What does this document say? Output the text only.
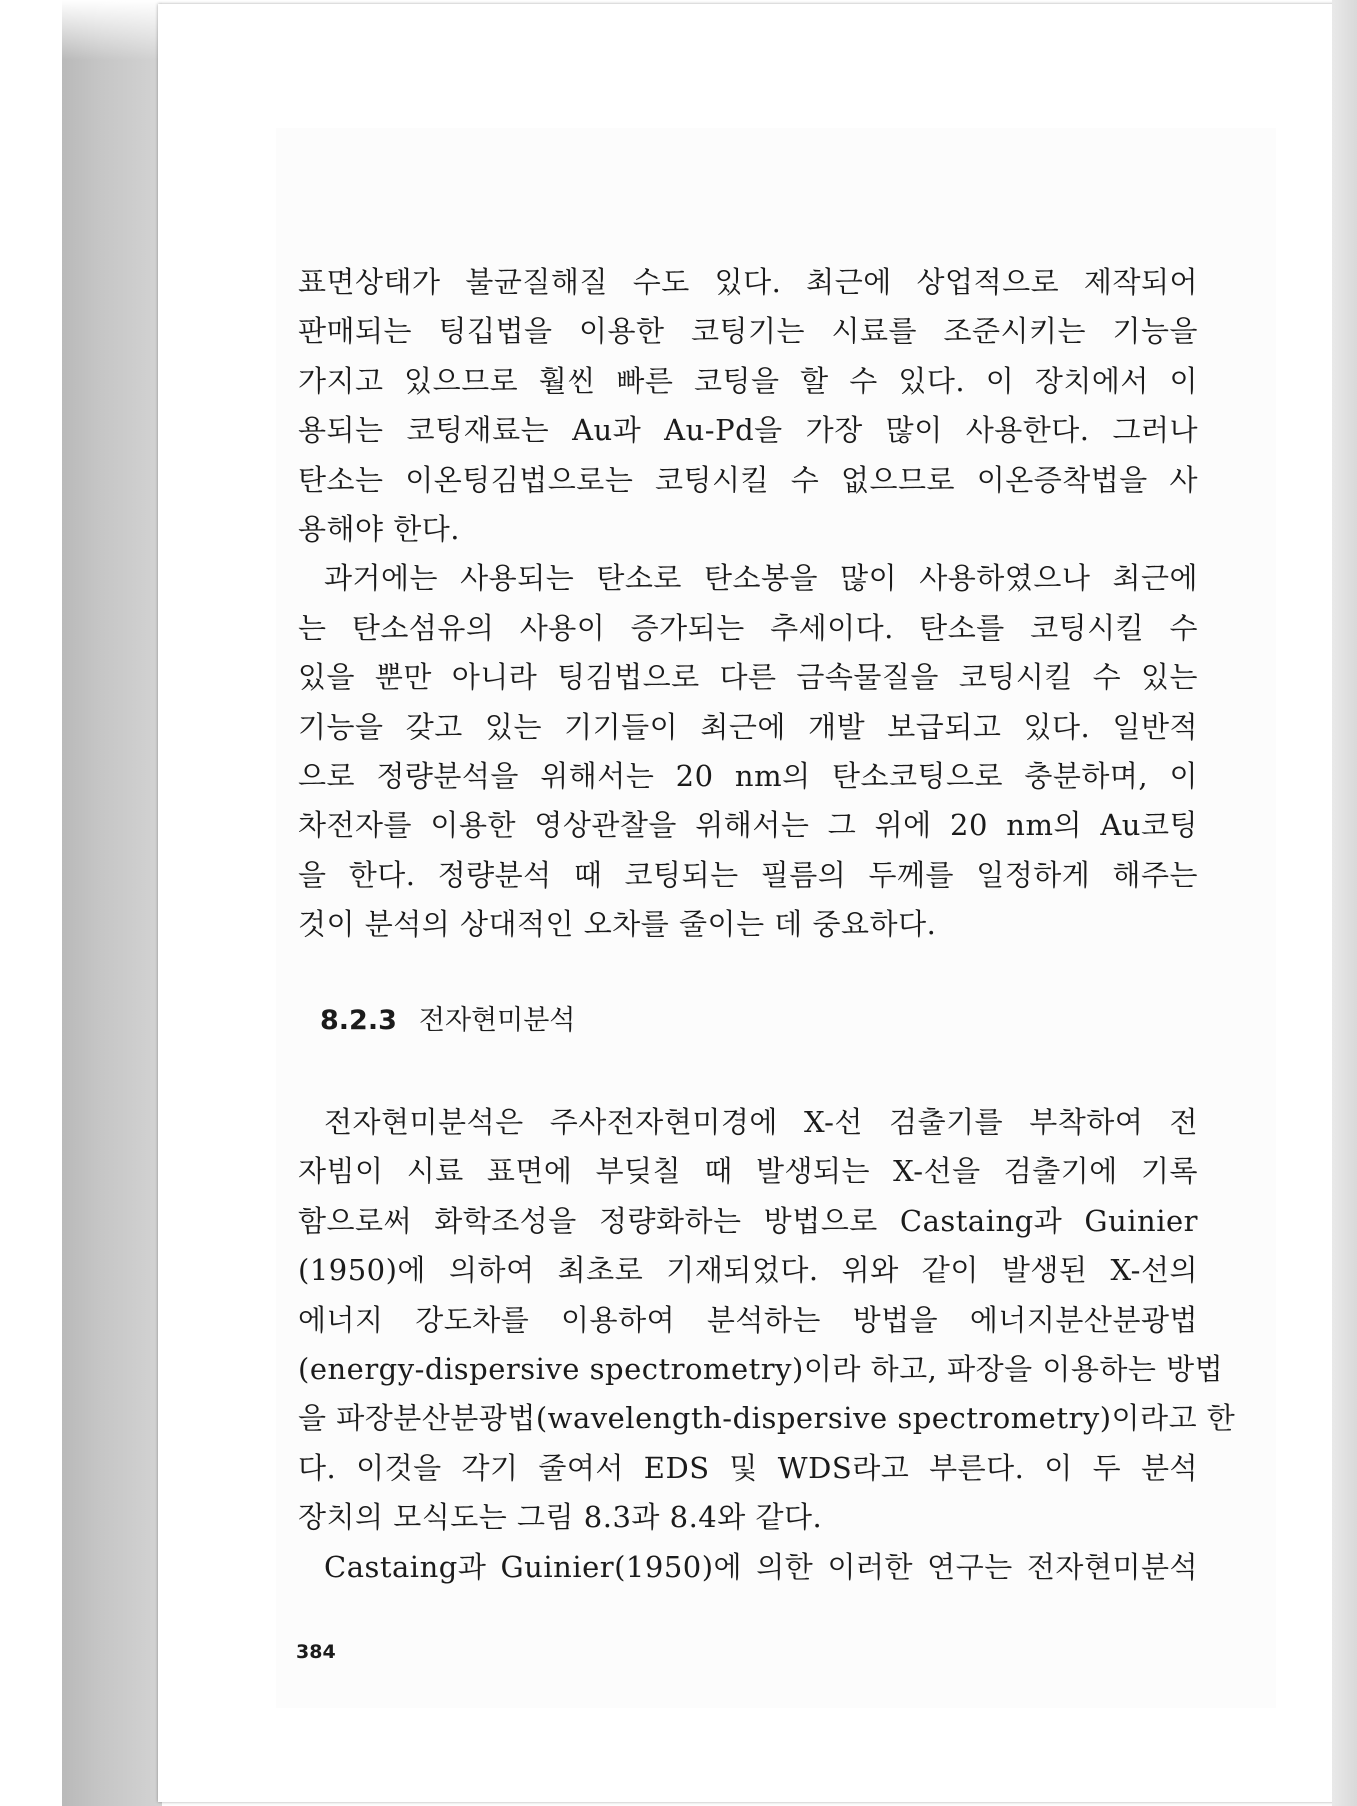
표면상태가 불균질해질 수도 있다. 최근에 상업적으로 제작되어
판매되는 팅깁법을 이용한 코팅기는 시료를 조준시키는 기능을
가지고 있으므로 훨씬 빠른 코팅을 할 수 있다. 이 장치에서 이
용되는 코팅재료는 Au과 Au-Pd을 가장 많이 사용한다. 그러나
탄소는 이온팅김법으로는 코팅시킬 수 없으므로 이온증착법을 사
용해야 한다.
과거에는 사용되는 탄소로 탄소봉을 많이 사용하였으나 최근에
는 탄소섬유의 사용이 증가되는 추세이다. 탄소를 코팅시킬 수
있을 뿐만 아니라 팅김법으로 다른 금속물질을 코팅시킬 수 있는
기능을 갖고 있는 기기들이 최근에 개발 보급되고 있다. 일반적
으로 정량분석을 위해서는 20 nm의 탄소코팅으로 충분하며, 이
차전자를 이용한 영상관찰을 위해서는 그 위에 20 nm의 Au코팅
을 한다. 정량분석 때 코팅되는 필름의 두께를 일정하게 해주는
것이 분석의 상대적인 오차를 줄이는 데 중요하다.
8.2.3 전자현미분석
전자현미분석은 주사전자현미경에 X-선 검출기를 부착하여 전
자빔이 시료 표면에 부딪칠 때 발생되는 X-선을 검출기에 기록
함으로써 화학조성을 정량화하는 방법으로 Castaing과 Guinier
(1950)에 의하여 최초로 기재되었다. 위와 같이 발생된 X-선의
에너지 강도차를 이용하여 분석하는 방법을 에너지분산분광법
(energy-dispersive spectrometry)이라 하고, 파장을 이용하는 방법
을 파장분산분광법(wavelength-dispersive spectrometry)이라고 한
다. 이것을 각기 줄여서 EDS 및 WDS라고 부른다. 이 두 분석
장치의 모식도는 그림 8.3과 8.4와 같다.
Castaing과 Guinier(1950)에 의한 이러한 연구는 전자현미분석
384
